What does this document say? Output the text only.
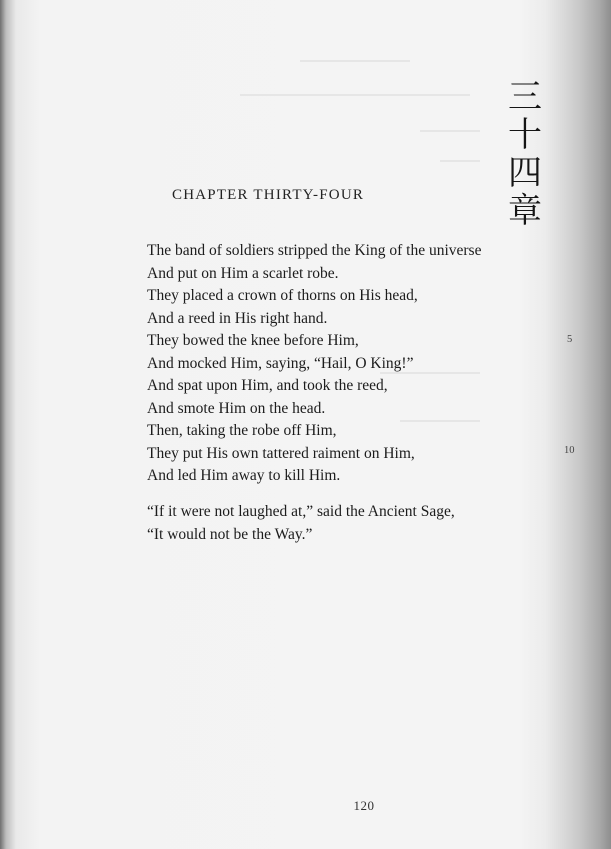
三
十
四
章
CHAPTER THIRTY-FOUR
The band of soldiers stripped the King of the universe
And put on Him a scarlet robe.
They placed a crown of thorns on His head,
And a reed in His right hand.
They bowed the knee before Him,
And mocked Him, saying, “Hail, O King!”
And spat upon Him, and took the reed,
And smote Him on the head.
Then, taking the robe off Him,
They put His own tattered raiment on Him,
And led Him away to kill Him.
5
10
“If it were not laughed at,” said the Ancient Sage,
“It would not be the Way.”
120
